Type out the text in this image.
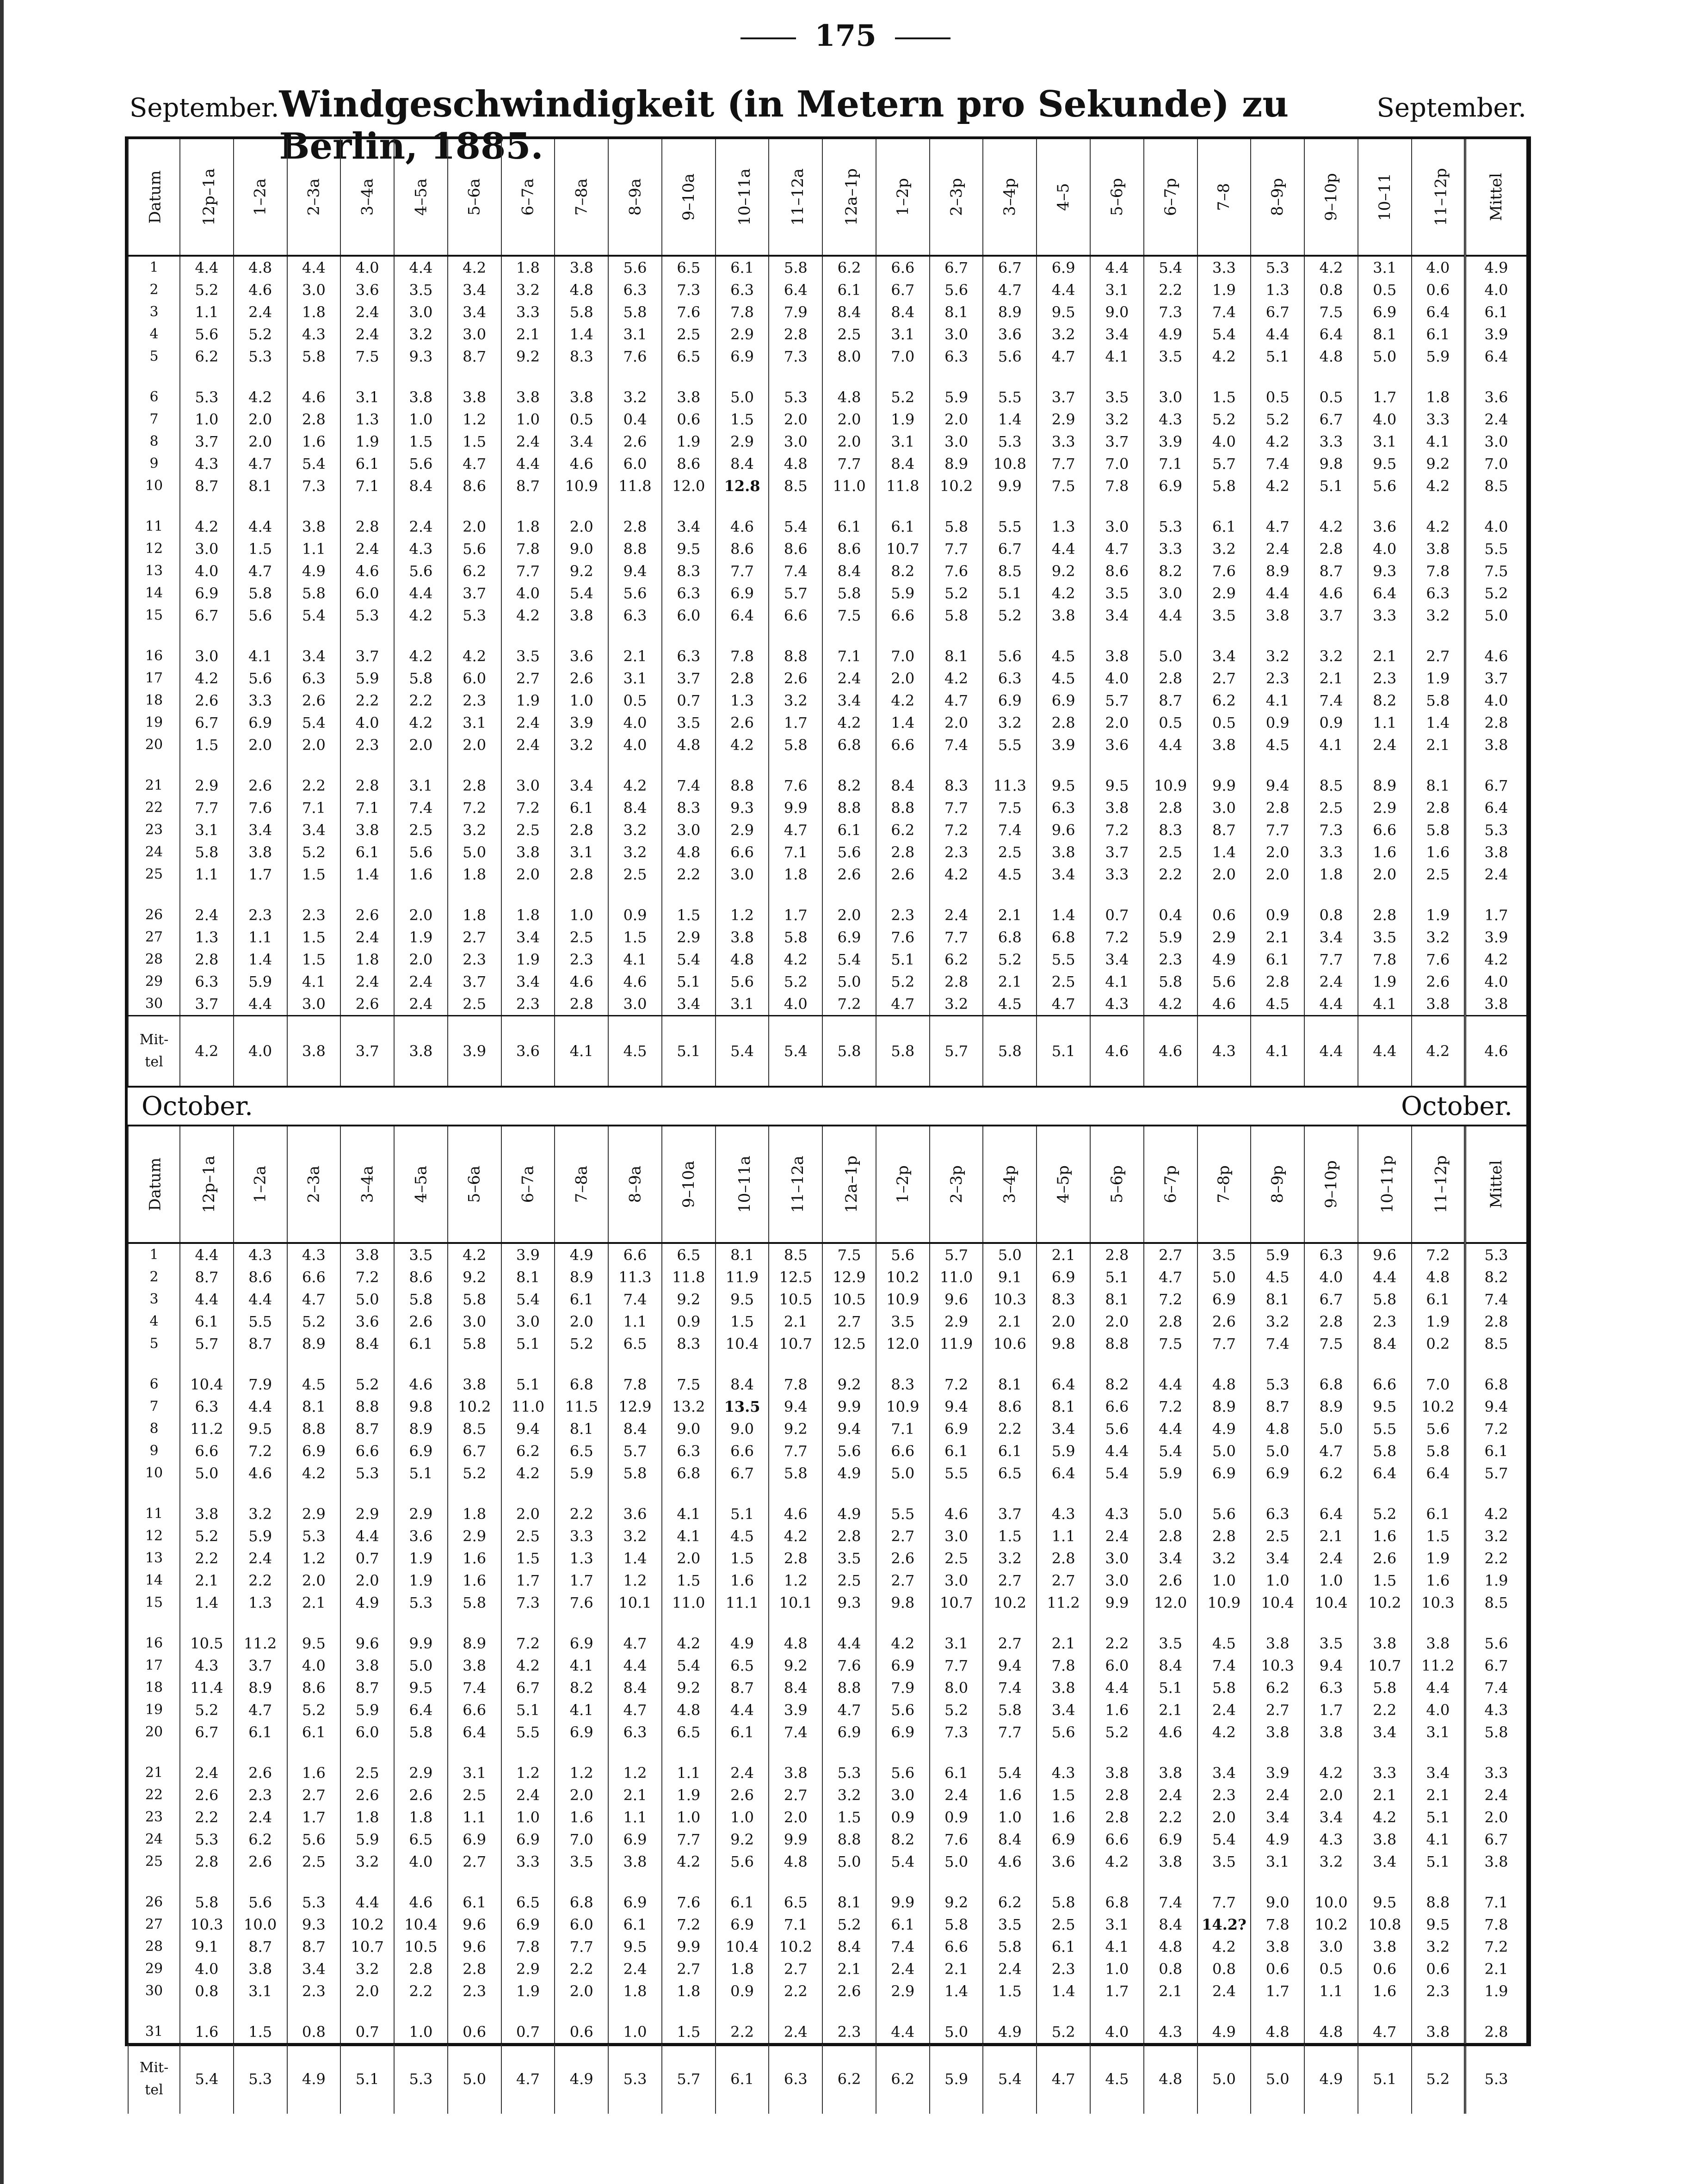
175
September. Windgeschwindigkeit (in Metern pro Sekunde) zu Berlin, 1885.
September.
Datum	12p–1a	1–2a	2–3a	3–4a	4–5a	5–6a	6–7a	7–8a	8–9a	9–10a	10–11a	11–12a	12a–1p	1–2p	2–3p	3–4p	4–5	5–6p	6–7p	7–8	8–9p	9–10p	10–11	11–12p	Mittel
1	4.4	4.8	4.4	4.0	4.4	4.2	1.8	3.8	5.6	6.5	6.1	5.8	6.2	6.6	6.7	6.7	6.9	4.4	5.4	3.3	5.3	4.2	3.1	4.0	4.9
2	5.2	4.6	3.0	3.6	3.5	3.4	3.2	4.8	6.3	7.3	6.3	6.4	6.1	6.7	5.6	4.7	4.4	3.1	2.2	1.9	1.3	0.8	0.5	0.6	4.0
3	1.1	2.4	1.8	2.4	3.0	3.4	3.3	5.8	5.8	7.6	7.8	7.9	8.4	8.4	8.1	8.9	9.5	9.0	7.3	7.4	6.7	7.5	6.9	6.4	6.1
4	5.6	5.2	4.3	2.4	3.2	3.0	2.1	1.4	3.1	2.5	2.9	2.8	2.5	3.1	3.0	3.6	3.2	3.4	4.9	5.4	4.4	6.4	8.1	6.1	3.9
5	6.2	5.3	5.8	7.5	9.3	8.7	9.2	8.3	7.6	6.5	6.9	7.3	8.0	7.0	6.3	5.6	4.7	4.1	3.5	4.2	5.1	4.8	5.0	5.9	6.4

6	5.3	4.2	4.6	3.1	3.8	3.8	3.8	3.8	3.2	3.8	5.0	5.3	4.8	5.2	5.9	5.5	3.7	3.5	3.0	1.5	0.5	0.5	1.7	1.8	3.6
7	1.0	2.0	2.8	1.3	1.0	1.2	1.0	0.5	0.4	0.6	1.5	2.0	2.0	1.9	2.0	1.4	2.9	3.2	4.3	5.2	5.2	6.7	4.0	3.3	2.4
8	3.7	2.0	1.6	1.9	1.5	1.5	2.4	3.4	2.6	1.9	2.9	3.0	2.0	3.1	3.0	5.3	3.3	3.7	3.9	4.0	4.2	3.3	3.1	4.1	3.0
9	4.3	4.7	5.4	6.1	5.6	4.7	4.4	4.6	6.0	8.6	8.4	4.8	7.7	8.4	8.9	10.8	7.7	7.0	7.1	5.7	7.4	9.8	9.5	9.2	7.0
10	8.7	8.1	7.3	7.1	8.4	8.6	8.7	10.9	11.8	12.0	12.8	8.5	11.0	11.8	10.2	9.9	7.5	7.8	6.9	5.8	4.2	5.1	5.6	4.2	8.5

11	4.2	4.4	3.8	2.8	2.4	2.0	1.8	2.0	2.8	3.4	4.6	5.4	6.1	6.1	5.8	5.5	1.3	3.0	5.3	6.1	4.7	4.2	3.6	4.2	4.0
12	3.0	1.5	1.1	2.4	4.3	5.6	7.8	9.0	8.8	9.5	8.6	8.6	8.6	10.7	7.7	6.7	4.4	4.7	3.3	3.2	2.4	2.8	4.0	3.8	5.5
13	4.0	4.7	4.9	4.6	5.6	6.2	7.7	9.2	9.4	8.3	7.7	7.4	8.4	8.2	7.6	8.5	9.2	8.6	8.2	7.6	8.9	8.7	9.3	7.8	7.5
14	6.9	5.8	5.8	6.0	4.4	3.7	4.0	5.4	5.6	6.3	6.9	5.7	5.8	5.9	5.2	5.1	4.2	3.5	3.0	2.9	4.4	4.6	6.4	6.3	5.2
15	6.7	5.6	5.4	5.3	4.2	5.3	4.2	3.8	6.3	6.0	6.4	6.6	7.5	6.6	5.8	5.2	3.8	3.4	4.4	3.5	3.8	3.7	3.3	3.2	5.0

16	3.0	4.1	3.4	3.7	4.2	4.2	3.5	3.6	2.1	6.3	7.8	8.8	7.1	7.0	8.1	5.6	4.5	3.8	5.0	3.4	3.2	3.2	2.1	2.7	4.6
17	4.2	5.6	6.3	5.9	5.8	6.0	2.7	2.6	3.1	3.7	2.8	2.6	2.4	2.0	4.2	6.3	4.5	4.0	2.8	2.7	2.3	2.1	2.3	1.9	3.7
18	2.6	3.3	2.6	2.2	2.2	2.3	1.9	1.0	0.5	0.7	1.3	3.2	3.4	4.2	4.7	6.9	6.9	5.7	8.7	6.2	4.1	7.4	8.2	5.8	4.0
19	6.7	6.9	5.4	4.0	4.2	3.1	2.4	3.9	4.0	3.5	2.6	1.7	4.2	1.4	2.0	3.2	2.8	2.0	0.5	0.5	0.9	0.9	1.1	1.4	2.8
20	1.5	2.0	2.0	2.3	2.0	2.0	2.4	3.2	4.0	4.8	4.2	5.8	6.8	6.6	7.4	5.5	3.9	3.6	4.4	3.8	4.5	4.1	2.4	2.1	3.8

21	2.9	2.6	2.2	2.8	3.1	2.8	3.0	3.4	4.2	7.4	8.8	7.6	8.2	8.4	8.3	11.3	9.5	9.5	10.9	9.9	9.4	8.5	8.9	8.1	6.7
22	7.7	7.6	7.1	7.1	7.4	7.2	7.2	6.1	8.4	8.3	9.3	9.9	8.8	8.8	7.7	7.5	6.3	3.8	2.8	3.0	2.8	2.5	2.9	2.8	6.4
23	3.1	3.4	3.4	3.8	2.5	3.2	2.5	2.8	3.2	3.0	2.9	4.7	6.1	6.2	7.2	7.4	9.6	7.2	8.3	8.7	7.7	7.3	6.6	5.8	5.3
24	5.8	3.8	5.2	6.1	5.6	5.0	3.8	3.1	3.2	4.8	6.6	7.1	5.6	2.8	2.3	2.5	3.8	3.7	2.5	1.4	2.0	3.3	1.6	1.6	3.8
25	1.1	1.7	1.5	1.4	1.6	1.8	2.0	2.8	2.5	2.2	3.0	1.8	2.6	2.6	4.2	4.5	3.4	3.3	2.2	2.0	2.0	1.8	2.0	2.5	2.4

26	2.4	2.3	2.3	2.6	2.0	1.8	1.8	1.0	0.9	1.5	1.2	1.7	2.0	2.3	2.4	2.1	1.4	0.7	0.4	0.6	0.9	0.8	2.8	1.9	1.7
27	1.3	1.1	1.5	2.4	1.9	2.7	3.4	2.5	1.5	2.9	3.8	5.8	6.9	7.6	7.7	6.8	6.8	7.2	5.9	2.9	2.1	3.4	3.5	3.2	3.9
28	2.8	1.4	1.5	1.8	2.0	2.3	1.9	2.3	4.1	5.4	4.8	4.2	5.4	5.1	6.2	5.2	5.5	3.4	2.3	4.9	6.1	7.7	7.8	7.6	4.2
29	6.3	5.9	4.1	2.4	2.4	3.7	3.4	4.6	4.6	5.1	5.6	5.2	5.0	5.2	2.8	2.1	2.5	4.1	5.8	5.6	2.8	2.4	1.9	2.6	4.0
30	3.7	4.4	3.0	2.6	2.4	2.5	2.3	2.8	3.0	3.4	3.1	4.0	7.2	4.7	3.2	4.5	4.7	4.3	4.2	4.6	4.5	4.4	4.1	3.8	3.8
Mit- tel	4.2	4.0	3.8	3.7	3.8	3.9	3.6	4.1	4.5	5.1	5.4	5.4	5.8	5.8	5.7	5.8	5.1	4.6	4.6	4.3	4.1	4.4	4.4	4.2	4.6
October.	October.
Datum	12p–1a	1–2a	2–3a	3–4a	4–5a	5–6a	6–7a	7–8a	8–9a	9–10a	10–11a	11–12a	12a–1p	1–2p	2–3p	3–4p	4–5p	5–6p	6–7p	7–8p	8–9p	9–10p	10–11p	11–12p	Mittel
1	4.4	4.3	4.3	3.8	3.5	4.2	3.9	4.9	6.6	6.5	8.1	8.5	7.5	5.6	5.7	5.0	2.1	2.8	2.7	3.5	5.9	6.3	9.6	7.2	5.3
2	8.7	8.6	6.6	7.2	8.6	9.2	8.1	8.9	11.3	11.8	11.9	12.5	12.9	10.2	11.0	9.1	6.9	5.1	4.7	5.0	4.5	4.0	4.4	4.8	8.2
3	4.4	4.4	4.7	5.0	5.8	5.8	5.4	6.1	7.4	9.2	9.5	10.5	10.5	10.9	9.6	10.3	8.3	8.1	7.2	6.9	8.1	6.7	5.8	6.1	7.4
4	6.1	5.5	5.2	3.6	2.6	3.0	3.0	2.0	1.1	0.9	1.5	2.1	2.7	3.5	2.9	2.1	2.0	2.0	2.8	2.6	3.2	2.8	2.3	1.9	2.8
5	5.7	8.7	8.9	8.4	6.1	5.8	5.1	5.2	6.5	8.3	10.4	10.7	12.5	12.0	11.9	10.6	9.8	8.8	7.5	7.7	7.4	7.5	8.4	0.2	8.5

6	10.4	7.9	4.5	5.2	4.6	3.8	5.1	6.8	7.8	7.5	8.4	7.8	9.2	8.3	7.2	8.1	6.4	8.2	4.4	4.8	5.3	6.8	6.6	7.0	6.8
7	6.3	4.4	8.1	8.8	9.8	10.2	11.0	11.5	12.9	13.2	13.5	9.4	9.9	10.9	9.4	8.6	8.1	6.6	7.2	8.9	8.7	8.9	9.5	10.2	9.4
8	11.2	9.5	8.8	8.7	8.9	8.5	9.4	8.1	8.4	9.0	9.0	9.2	9.4	7.1	6.9	2.2	3.4	5.6	4.4	4.9	4.8	5.0	5.5	5.6	7.2
9	6.6	7.2	6.9	6.6	6.9	6.7	6.2	6.5	5.7	6.3	6.6	7.7	5.6	6.6	6.1	6.1	5.9	4.4	5.4	5.0	5.0	4.7	5.8	5.8	6.1
10	5.0	4.6	4.2	5.3	5.1	5.2	4.2	5.9	5.8	6.8	6.7	5.8	4.9	5.0	5.5	6.5	6.4	5.4	5.9	6.9	6.9	6.2	6.4	6.4	5.7

11	3.8	3.2	2.9	2.9	2.9	1.8	2.0	2.2	3.6	4.1	5.1	4.6	4.9	5.5	4.6	3.7	4.3	4.3	5.0	5.6	6.3	6.4	5.2	6.1	4.2
12	5.2	5.9	5.3	4.4	3.6	2.9	2.5	3.3	3.2	4.1	4.5	4.2	2.8	2.7	3.0	1.5	1.1	2.4	2.8	2.8	2.5	2.1	1.6	1.5	3.2
13	2.2	2.4	1.2	0.7	1.9	1.6	1.5	1.3	1.4	2.0	1.5	2.8	3.5	2.6	2.5	3.2	2.8	3.0	3.4	3.2	3.4	2.4	2.6	1.9	2.2
14	2.1	2.2	2.0	2.0	1.9	1.6	1.7	1.7	1.2	1.5	1.6	1.2	2.5	2.7	3.0	2.7	2.7	3.0	2.6	1.0	1.0	1.0	1.5	1.6	1.9
15	1.4	1.3	2.1	4.9	5.3	5.8	7.3	7.6	10.1	11.0	11.1	10.1	9.3	9.8	10.7	10.2	11.2	9.9	12.0	10.9	10.4	10.4	10.2	10.3	8.5

16	10.5	11.2	9.5	9.6	9.9	8.9	7.2	6.9	4.7	4.2	4.9	4.8	4.4	4.2	3.1	2.7	2.1	2.2	3.5	4.5	3.8	3.5	3.8	3.8	5.6
17	4.3	3.7	4.0	3.8	5.0	3.8	4.2	4.1	4.4	5.4	6.5	9.2	7.6	6.9	7.7	9.4	7.8	6.0	8.4	7.4	10.3	9.4	10.7	11.2	6.7
18	11.4	8.9	8.6	8.7	9.5	7.4	6.7	8.2	8.4	9.2	8.7	8.4	8.8	7.9	8.0	7.4	3.8	4.4	5.1	5.8	6.2	6.3	5.8	4.4	7.4
19	5.2	4.7	5.2	5.9	6.4	6.6	5.1	4.1	4.7	4.8	4.4	3.9	4.7	5.6	5.2	5.8	3.4	1.6	2.1	2.4	2.7	1.7	2.2	4.0	4.3
20	6.7	6.1	6.1	6.0	5.8	6.4	5.5	6.9	6.3	6.5	6.1	7.4	6.9	6.9	7.3	7.7	5.6	5.2	4.6	4.2	3.8	3.8	3.4	3.1	5.8

21	2.4	2.6	1.6	2.5	2.9	3.1	1.2	1.2	1.2	1.1	2.4	3.8	5.3	5.6	6.1	5.4	4.3	3.8	3.8	3.4	3.9	4.2	3.3	3.4	3.3
22	2.6	2.3	2.7	2.6	2.6	2.5	2.4	2.0	2.1	1.9	2.6	2.7	3.2	3.0	2.4	1.6	1.5	2.8	2.4	2.3	2.4	2.0	2.1	2.1	2.4
23	2.2	2.4	1.7	1.8	1.8	1.1	1.0	1.6	1.1	1.0	1.0	2.0	1.5	0.9	0.9	1.0	1.6	2.8	2.2	2.0	3.4	3.4	4.2	5.1	2.0
24	5.3	6.2	5.6	5.9	6.5	6.9	6.9	7.0	6.9	7.7	9.2	9.9	8.8	8.2	7.6	8.4	6.9	6.6	6.9	5.4	4.9	4.3	3.8	4.1	6.7
25	2.8	2.6	2.5	3.2	4.0	2.7	3.3	3.5	3.8	4.2	5.6	4.8	5.0	5.4	5.0	4.6	3.6	4.2	3.8	3.5	3.1	3.2	3.4	5.1	3.8

26	5.8	5.6	5.3	4.4	4.6	6.1	6.5	6.8	6.9	7.6	6.1	6.5	8.1	9.9	9.2	6.2	5.8	6.8	7.4	7.7	9.0	10.0	9.5	8.8	7.1
27	10.3	10.0	9.3	10.2	10.4	9.6	6.9	6.0	6.1	7.2	6.9	7.1	5.2	6.1	5.8	3.5	2.5	3.1	8.4	14.2?	7.8	10.2	10.8	9.5	7.8
28	9.1	8.7	8.7	10.7	10.5	9.6	7.8	7.7	9.5	9.9	10.4	10.2	8.4	7.4	6.6	5.8	6.1	4.1	4.8	4.2	3.8	3.0	3.8	3.2	7.2
29	4.0	3.8	3.4	3.2	2.8	2.8	2.9	2.2	2.4	2.7	1.8	2.7	2.1	2.4	2.1	2.4	2.3	1.0	0.8	0.8	0.6	0.5	0.6	0.6	2.1
30	0.8	3.1	2.3	2.0	2.2	2.3	1.9	2.0	1.8	1.8	0.9	2.2	2.6	2.9	1.4	1.5	1.4	1.7	2.1	2.4	1.7	1.1	1.6	2.3	1.9

31	1.6	1.5	0.8	0.7	1.0	0.6	0.7	0.6	1.0	1.5	2.2	2.4	2.3	4.4	5.0	4.9	5.2	4.0	4.3	4.9	4.8	4.8	4.7	3.8	2.8
Mit- tel	5.4	5.3	4.9	5.1	5.3	5.0	4.7	4.9	5.3	5.7	6.1	6.3	6.2	6.2	5.9	5.4	4.7	4.5	4.8	5.0	5.0	4.9	5.1	5.2	5.3
